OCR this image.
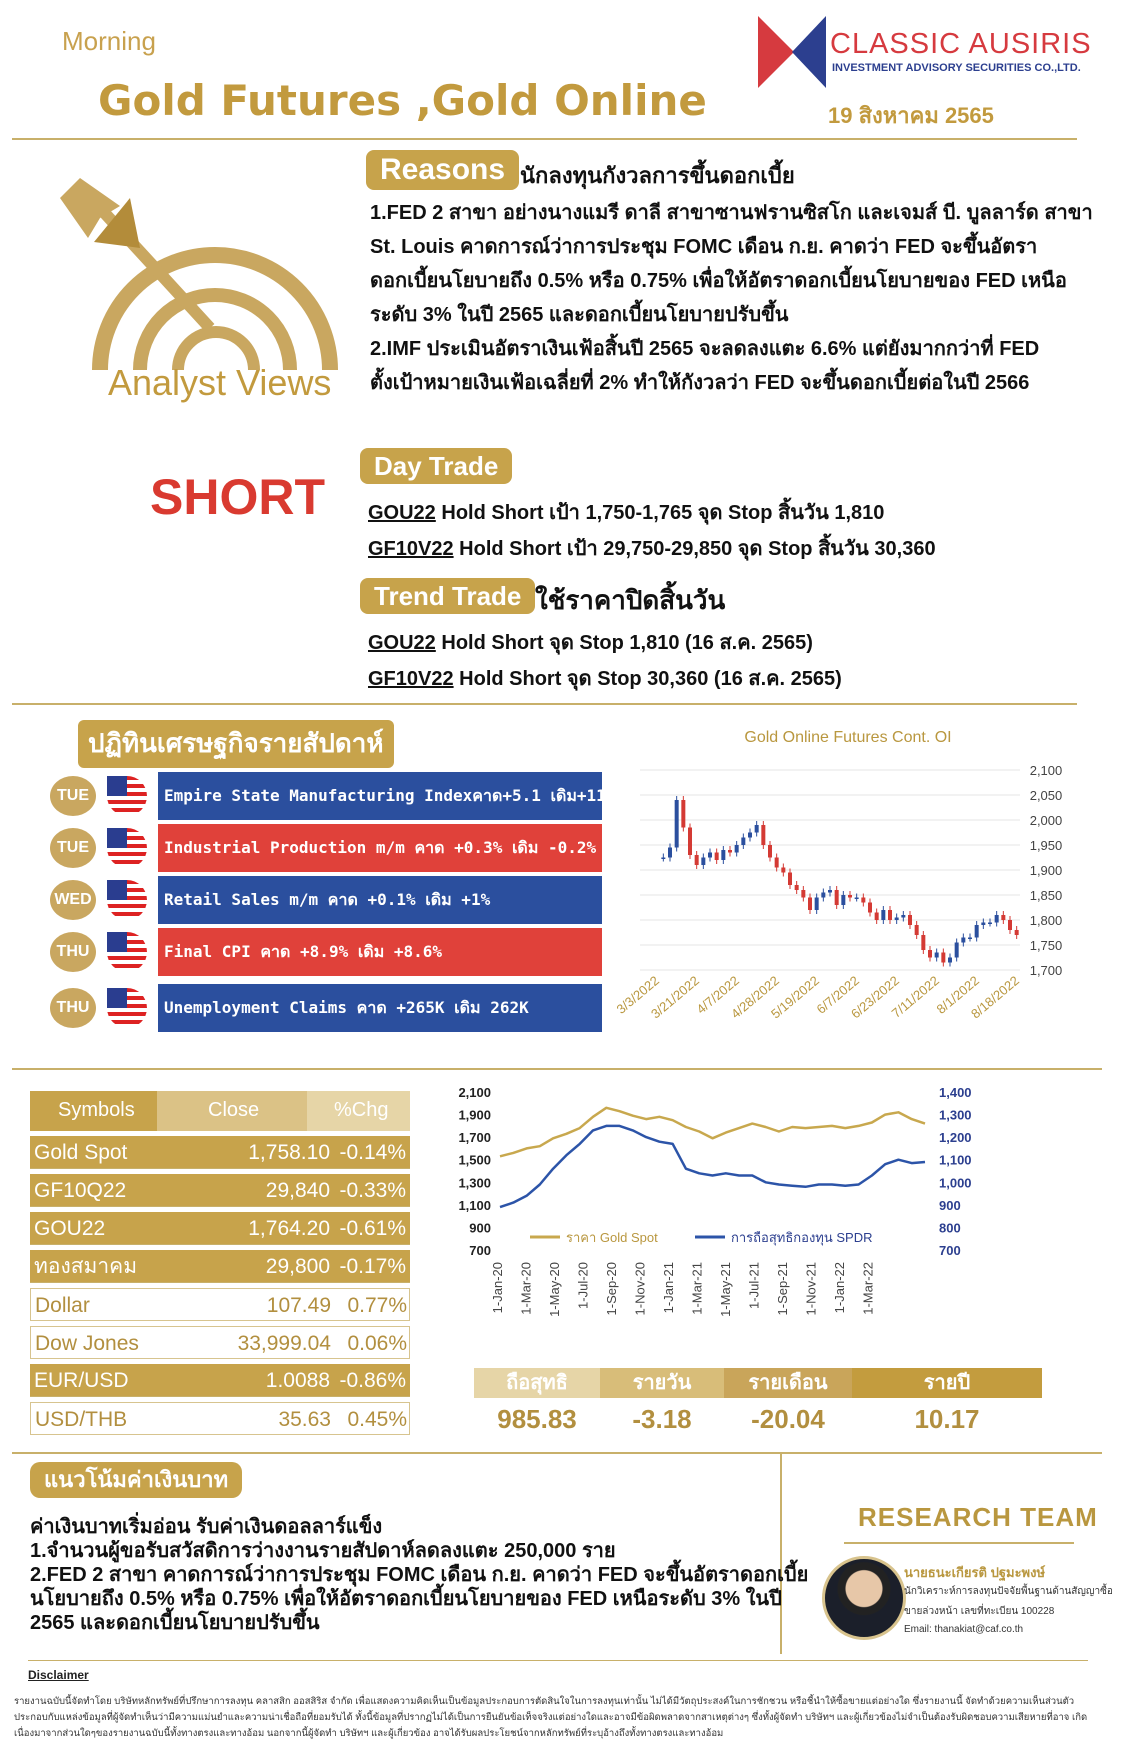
Morning
Gold Futures ,Gold Online
CLASSIC AUSIRIS
INVESTMENT ADVISORY SECURITIES CO.,LTD.
19 สิงหาคม 2565
Analyst Views
SHORT
Reasons นักลงทุนกังวลการขึ้นดอกเบี้ย
1.FED 2 สาขา อย่างนางแมรี ดาลี สาขาซานฟรานซิสโก และเจมส์ บี. บูลลาร์ด สาขา
St. Louis คาดการณ์ว่าการประชุม FOMC เดือน ก.ย. คาดว่า FED จะขึ้นอัตรา
ดอกเบี้ยนโยบายถึง 0.5% หรือ 0.75% เพื่อให้อัตราดอกเบี้ยนโยบายของ FED เหนือ
ระดับ 3% ในปี 2565 และดอกเบี้ยนโยบายปรับขึ้น
2.IMF ประเมินอัตราเงินเฟ้อสิ้นปี 2565 จะลดลงแตะ 6.6% แต่ยังมากกว่าที่ FED
ตั้งเป้าหมายเงินเฟ้อเฉลี่ยที่ 2% ทำให้กังวลว่า FED จะขึ้นดอกเบี้ยต่อในปี 2566
Day Trade
GOU22 Hold Short เป้า 1,750-1,765 จุด Stop สิ้นวัน 1,810
GF10V22 Hold Short เป้า 29,750-29,850 จุด Stop สิ้นวัน 30,360
Trend Trade ใช้ราคาปิดสิ้นวัน
GOU22 Hold Short จุด Stop 1,810 (16 ส.ค. 2565)
GF10V22 Hold Short จุด Stop 30,360 (16 ส.ค. 2565)
ปฏิทินเศรษฐกิจรายสัปดาห์
TUE	Empire State Manufacturing Indexคาด+5.1 เดิม+11.1
TUE	Industrial Production m/m คาด +0.3% เดิม -0.2%
WED	Retail Sales m/m คาด +0.1% เดิม +1%
THU	Final CPI คาด +8.9% เดิม +8.6%
THU	Unemployment Claims คาด +265K เดิม 262K
Gold Online Futures Cont. OI
2,100
2,050
2,000
1,950
1,900
1,850
1,800
1,750
1,700
3/3/2022
3/21/2022
4/7/2022
4/28/2022
5/19/2022
6/7/2022
6/23/2022
7/11/2022
8/1/2022
8/18/2022
Symbols	Close	%Chg
Gold Spot	1,758.10 -0.14%
GF10Q22	29,840 -0.33%
GOU22	1,764.20 -0.61%
ทองสมาคม	29,800 -0.17%
Dollar	107.49 0.77%
Dow Jones	33,999.04 0.06%
EUR/USD	1.0088 -0.86%
USD/THB	35.63 0.45%
2,100
1,900
1,700
1,500
1,300
1,100
900
700
1,400
1,300
1,200
1,100
1,000
900
800
700
1-Jan-20 1-Mar-20 1-May-20 1-Jul-20 1-Sep-20 1-Nov-20 1-Jan-21 1-Mar-21 1-May-21 1-Jul-21 1-Sep-21 1-Nov-21 1-Jan-22 1-Mar-22
ราคา Gold Spot	การถือสุทธิกองทุน SPDR
ถือสุทธิ	รายวัน	รายเดือน	รายปี
985.83	-3.18	-20.04	10.17
แนวโน้มค่าเงินบาท
ค่าเงินบาทเริ่มอ่อน รับค่าเงินดอลลาร์แข็ง
1.จำนวนผู้ขอรับสวัสดิการว่างงานรายสัปดาห์ลดลงแตะ 250,000 ราย
2.FED 2 สาขา คาดการณ์ว่าการประชุม FOMC เดือน ก.ย. คาดว่า FED จะขึ้นอัตราดอกเบี้ย
นโยบายถึง 0.5% หรือ 0.75% เพื่อให้อัตราดอกเบี้ยนโยบายของ FED เหนือระดับ 3% ในปี
2565 และดอกเบี้ยนโยบายปรับขึ้น
RESEARCH TEAM
นายธนะเกียรติ ปฐมะพงษ์
นักวิเคราะห์การลงทุนปัจจัยพื้นฐานด้านสัญญาซื้อ
ขายล่วงหน้า เลขที่ทะเบียน 100228
Email: thanakiat@caf.co.th
Disclaimer
รายงานฉบับนี้จัดทำโดย บริษัทหลักทรัพย์ที่ปรึกษาการลงทุน คลาสสิก ออสสิริส จำกัด เพื่อแสดงความคิดเห็นเป็นข้อมูลประกอบการตัดสินใจในการลงทุนเท่านั้น ไม่ได้มีวัตถุประสงค์ในการชักชวน หรือชี้นำให้ซื้อขายแต่อย่างใด ซึ่งรายงานนี้ จัดทำด้วยความเห็นส่วนตัว ประกอบกับแหล่งข้อมูลที่ผู้จัดทำเห็นว่ามีความแม่นยำและความน่าเชื่อถือที่ยอมรับได้ ทั้งนี้ข้อมูลที่ปรากฏไม่ได้เป็นการยืนยันข้อเท็จจริงแต่อย่างใดและอาจมีข้อผิดพลาดจากสาเหตุต่างๆ ซึ่งทั้งผู้จัดทำ บริษัทฯ และผู้เกี่ยวข้องไม่จำเป็นต้องรับผิดชอบความเสียหายที่อาจ เกิดเนื่องมาจากส่วนใดๆของรายงานฉบับนี้ทั้งทางตรงและทางอ้อม นอกจากนี้ผู้จัดทำ บริษัทฯ และผู้เกี่ยวข้อง อาจได้รับผลประโยชน์จากหลักทรัพย์ที่ระบุอ้างถึงทั้งทางตรงและทางอ้อม
